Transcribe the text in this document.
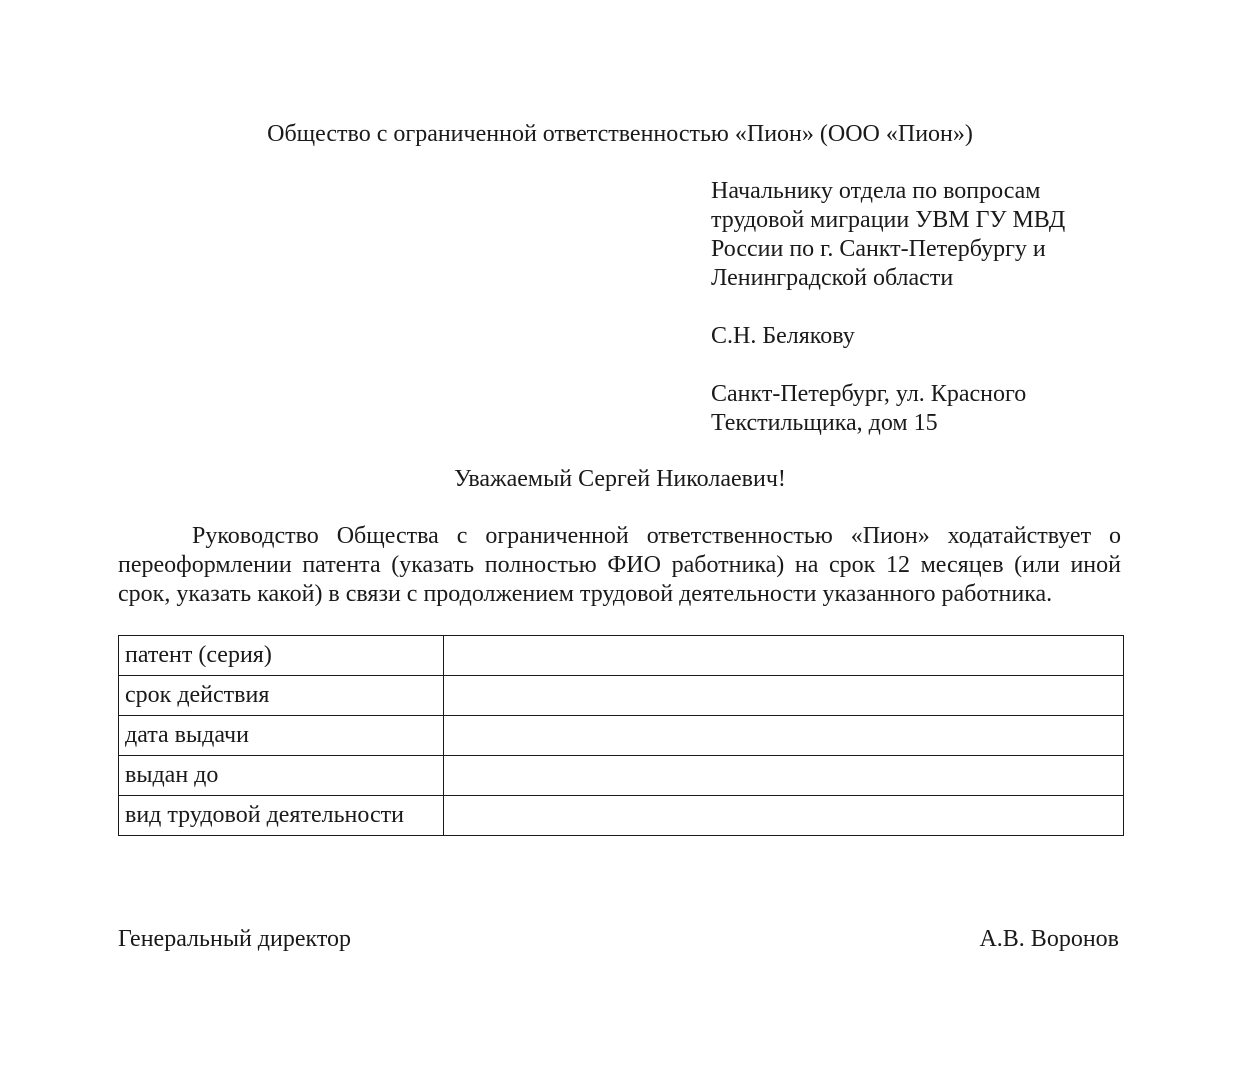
Общество с ограниченной ответственностью «Пион» (ООО «Пион»)
Начальнику отдела по вопросам
трудовой миграции УВМ ГУ МВД
России по г. Санкт-Петербургу и
Ленинградской области
С.Н. Белякову
Санкт-Петербург, ул. Красного
Текстильщика, дом 15
Уважаемый Сергей Николаевич!

Руководство Общества с ограниченной ответственностью «Пион» ходатайствует о переоформлении патента (указать полностью ФИО работника) на срок 12 месяцев (или иной срок, указать какой) в связи с продолжением трудовой деятельности указанного работника.

патент (серия)	
срок действия	
дата выдачи	
выдан до	
вид трудовой деятельности	
Генеральный директор	А.В. Воронов
